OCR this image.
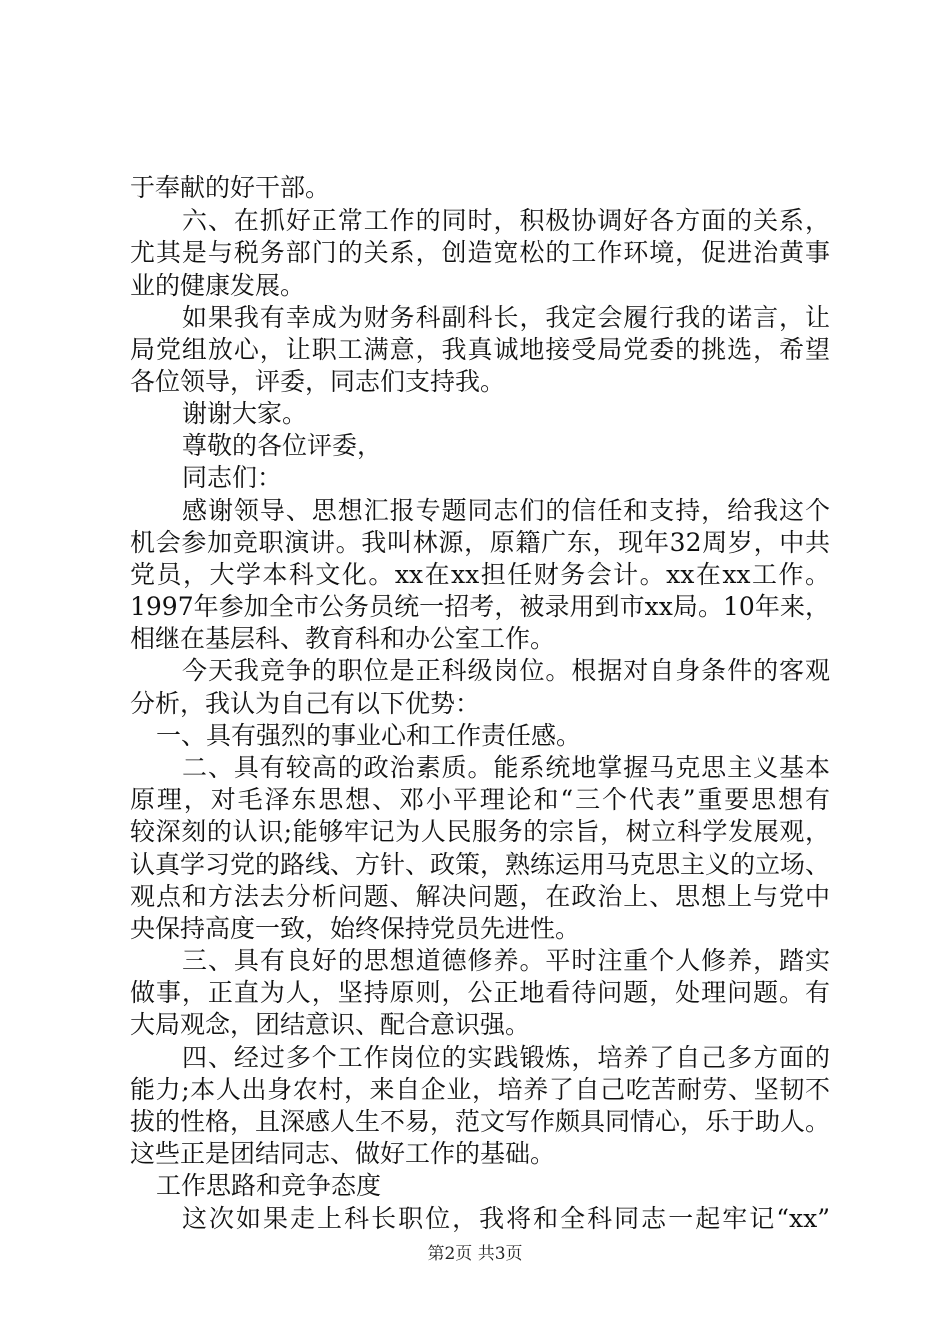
于奉献的好干部。
六、在抓好正常工作的同时，积极协调好各方面的关系，
尤其是与税务部门的关系，创造宽松的工作环境，促进治黄事
业的健康发展。
如果我有幸成为财务科副科长，我定会履行我的诺言，让
局党组放心，让职工满意，我真诚地接受局党委的挑选，希望
各位领导，评委，同志们支持我。
谢谢大家。
尊敬的各位评委，
同志们：
感谢领导、思想汇报专题同志们的信任和支持，给我这个
机会参加竞职演讲。我叫林源，原籍广东，现年32周岁，中共
党员，大学本科文化。xx在xx担任财务会计。xx在xx工作。
1997年参加全市公务员统一招考，被录用到市xx局。10年来，
相继在基层科、教育科和办公室工作。
今天我竞争的职位是正科级岗位。根据对自身条件的客观
分析，我认为自己有以下优势：
一、具有强烈的事业心和工作责任感。
二、具有较高的政治素质。能系统地掌握马克思主义基本
原理，对毛泽东思想、邓小平理论和“三个代表”重要思想有
较深刻的认识;能够牢记为人民服务的宗旨，树立科学发展观，
认真学习党的路线、方针、政策，熟练运用马克思主义的立场、
观点和方法去分析问题、解决问题，在政治上、思想上与党中
央保持高度一致，始终保持党员先进性。
三、具有良好的思想道德修养。平时注重个人修养，踏实
做事，正直为人，坚持原则，公正地看待问题，处理问题。有
大局观念，团结意识、配合意识强。
四、经过多个工作岗位的实践锻炼，培养了自己多方面的
能力;本人出身农村，来自企业，培养了自己吃苦耐劳、坚韧不
拔的性格，且深感人生不易，范文写作颇具同情心，乐于助人。
这些正是团结同志、做好工作的基础。
工作思路和竞争态度
这次如果走上科长职位，我将和全科同志一起牢记“xx”
第2页 共3页
